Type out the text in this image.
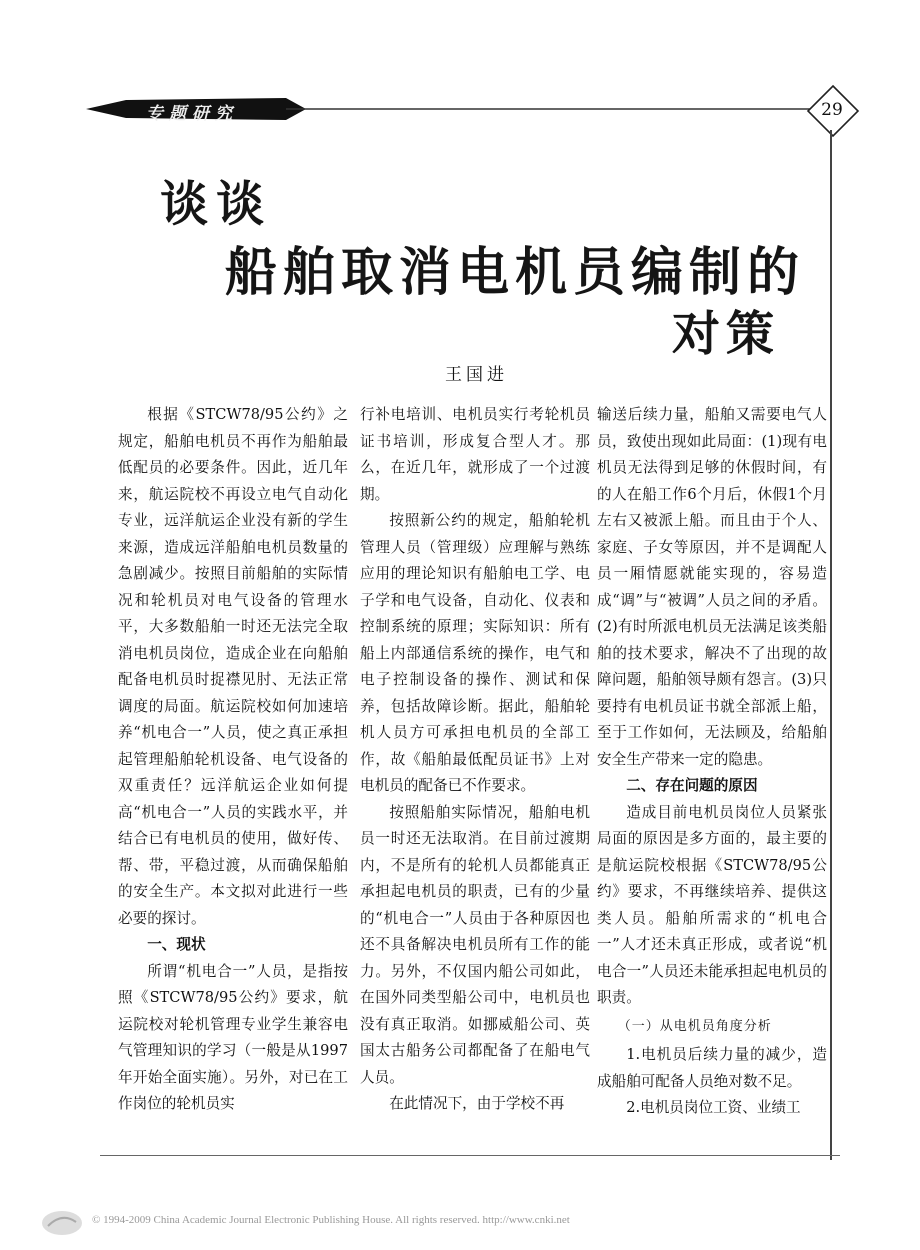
专题研究	29
谈谈
船舶取消电机员编制的
对策
王国进

根据《STCW78/95公约》之规定，船舶电机员不再作为船舶最低配员的必要条件。因此，近几年来，航运院校不再设立电气自动化专业，远洋航运企业没有新的学生来源，造成远洋船舶电机员数量的急剧减少。按照目前船舶的实际情况和轮机员对电气设备的管理水平，大多数船舶一时还无法完全取消电机员岗位，造成企业在向船舶配备电机员时捉襟见肘、无法正常调度的局面。航运院校如何加速培养“机电合一”人员，使之真正承担起管理船舶轮机设备、电气设备的双重责任？远洋航运企业如何提高“机电合一”人员的实践水平，并结合已有电机员的使用，做好传、帮、带，平稳过渡，从而确保船舶的安全生产。本文拟对此进行一些必要的探讨。

一、现状

所谓“机电合一”人员，是指按照《STCW78/95公约》要求，航运院校对轮机管理专业学生兼容电气管理知识的学习（一般是从1997年开始全面实施）。另外，对已在工作岗位的轮机员实

行补电培训、电机员实行考轮机员证书培训，形成复合型人才。那么，在近几年，就形成了一个过渡期。

按照新公约的规定，船舶轮机管理人员（管理级）应理解与熟练应用的理论知识有船舶电工学、电子学和电气设备，自动化、仪表和控制系统的原理；实际知识：所有船上内部通信系统的操作，电气和电子控制设备的操作、测试和保养，包括故障诊断。据此，船舶轮机人员方可承担电机员的全部工作，故《船舶最低配员证书》上对电机员的配备已不作要求。

按照船舶实际情况，船舶电机员一时还无法取消。在目前过渡期内，不是所有的轮机人员都能真正承担起电机员的职责，已有的少量的“机电合一”人员由于各种原因也还不具备解决电机员所有工作的能力。另外，不仅国内船公司如此，在国外同类型船公司中，电机员也没有真正取消。如挪威船公司、英国太古船务公司都配备了在船电气人员。

在此情况下，由于学校不再

输送后续力量，船舶又需要电气人员，致使出现如此局面：(1)现有电机员无法得到足够的休假时间，有的人在船工作6个月后，休假1个月左右又被派上船。而且由于个人、家庭、子女等原因，并不是调配人员一厢情愿就能实现的，容易造成“调”与“被调”人员之间的矛盾。(2)有时所派电机员无法满足该类船舶的技术要求，解决不了出现的故障问题，船舶领导颇有怨言。(3)只要持有电机员证书就全部派上船，至于工作如何，无法顾及，给船舶安全生产带来一定的隐患。

二、存在问题的原因

造成目前电机员岗位人员紧张局面的原因是多方面的，最主要的是航运院校根据《STCW78/95公约》要求，不再继续培养、提供这类人员。船舶所需求的“机电合一”人才还未真正形成，或者说“机电合一”人员还未能承担起电机员的职责。

（一）从电机员角度分析

1.电机员后续力量的减少，造成船舶可配备人员绝对数不足。

2.电机员岗位工资、业绩工

© 1994-2009 China Academic Journal Electronic Publishing House. All rights reserved. http://www.cnki.net
